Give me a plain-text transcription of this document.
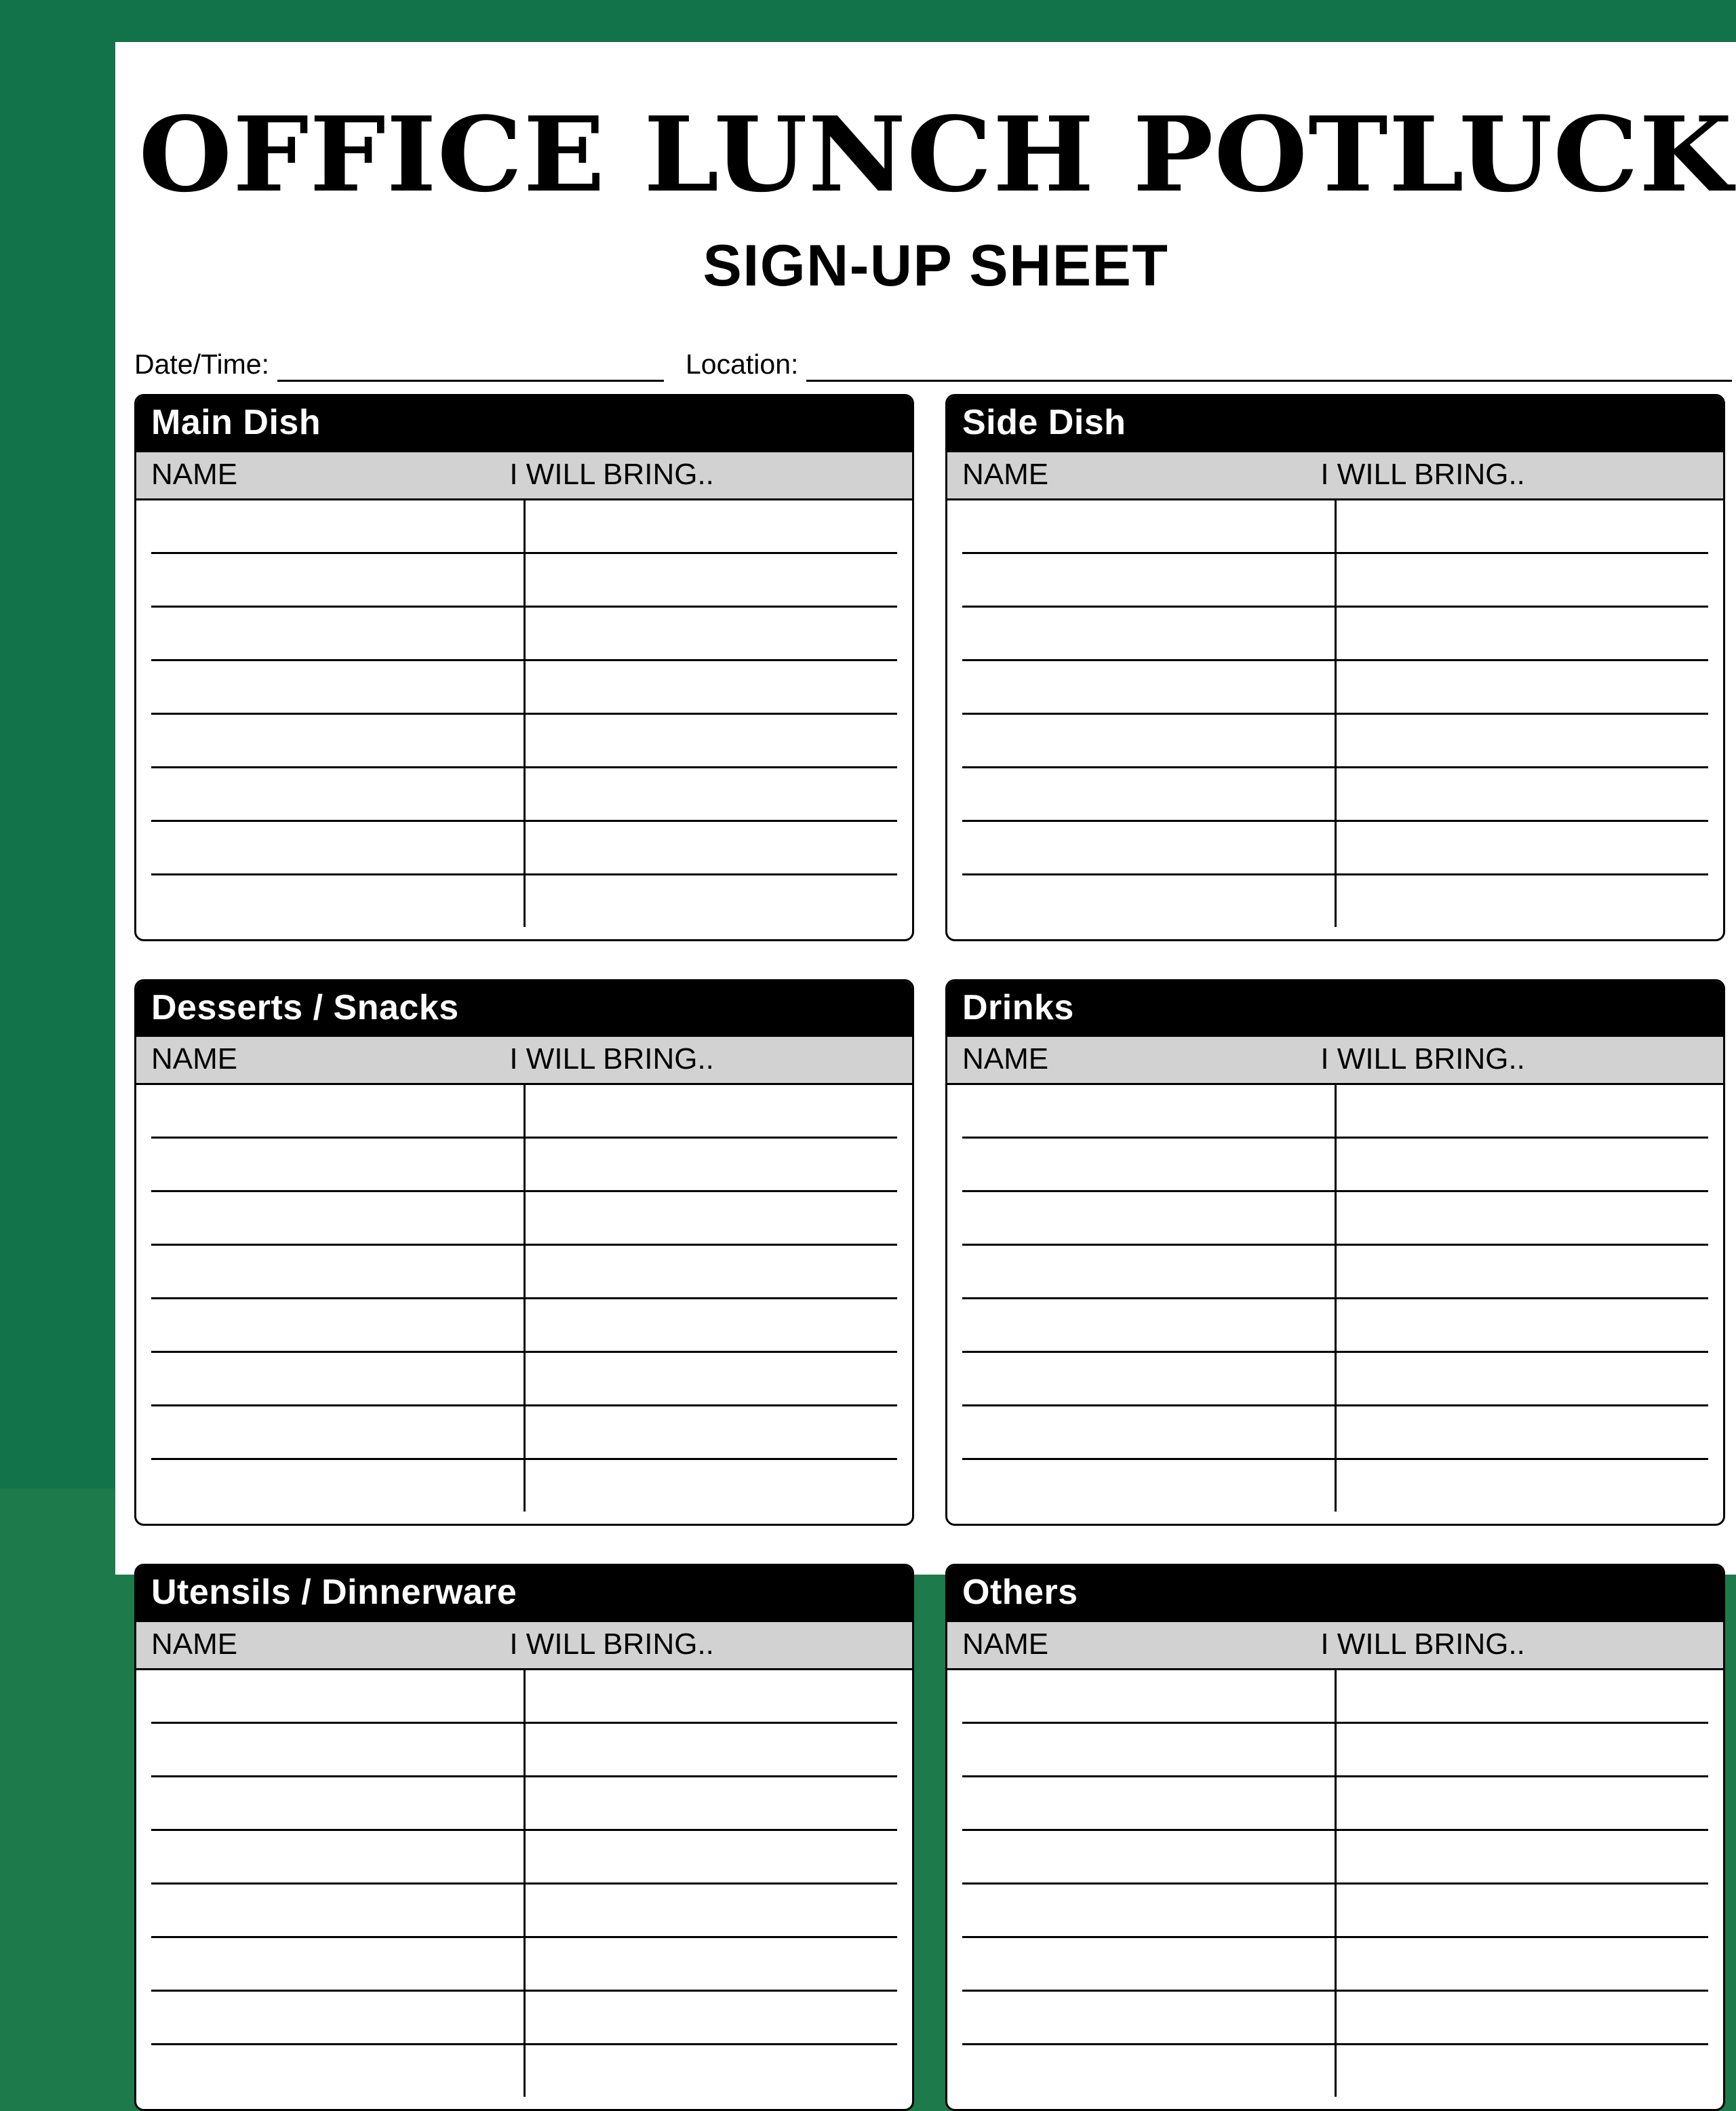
OFFICE LUNCH POTLUCK
SIGN-UP SHEET
Date/Time:	Location:
Main Dish
NAME	I WILL BRING..

Side Dish
NAME	I WILL BRING..

Desserts / Snacks
NAME	I WILL BRING..

Drinks
NAME	I WILL BRING..

Utensils / Dinnerware
NAME	I WILL BRING..

Others
NAME	I WILL BRING..
